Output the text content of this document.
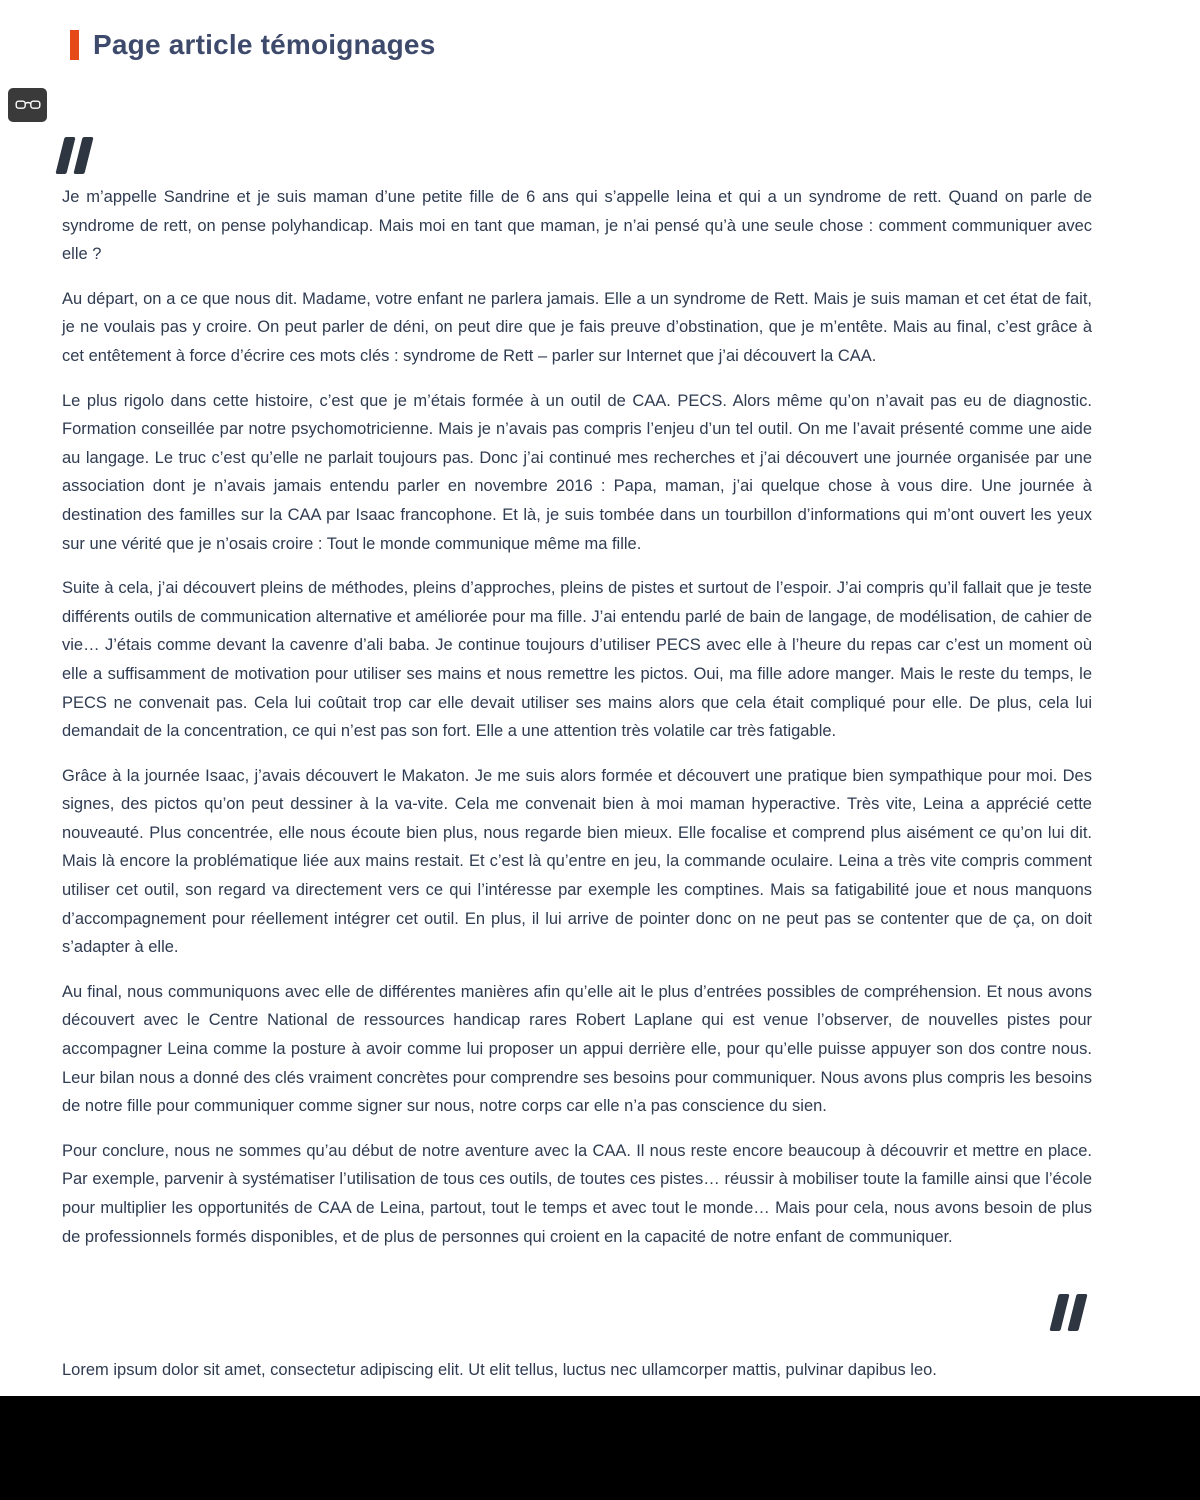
Page article témoignages

Je m’appelle Sandrine et je suis maman d’une petite fille de 6 ans qui s’appelle leina et qui a un syndrome de rett. Quand on parle de syndrome de rett, on pense polyhandicap. Mais moi en tant que maman, je n’ai pensé qu’à une seule chose : comment communiquer avec elle ?

Au départ, on a ce que nous dit. Madame, votre enfant ne parlera jamais. Elle a un syndrome de Rett. Mais je suis maman et cet état de fait, je ne voulais pas y croire. On peut parler de déni, on peut dire que je fais preuve d’obstination, que je m’entête. Mais au final, c’est grâce à cet entêtement à force d’écrire ces mots clés : syndrome de Rett – parler sur Internet que j’ai découvert la CAA.

Le plus rigolo dans cette histoire, c’est que je m’étais formée à un outil de CAA. PECS. Alors même qu’on n’avait pas eu de diagnostic. Formation conseillée par notre psychomotricienne. Mais je n’avais pas compris l’enjeu d’un tel outil. On me l’avait présenté comme une aide au langage. Le truc c’est qu’elle ne parlait toujours pas. Donc j’ai continué mes recherches et j’ai découvert une journée organisée par une association dont je n’avais jamais entendu parler en novembre 2016 : Papa, maman, j’ai quelque chose à vous dire. Une journée à destination des familles sur la CAA par Isaac francophone. Et là, je suis tombée dans un tourbillon d’informations qui m’ont ouvert les yeux sur une vérité que je n’osais croire : Tout le monde communique même ma fille.

Suite à cela, j’ai découvert pleins de méthodes, pleins d’approches, pleins de pistes et surtout de l’espoir. J’ai compris qu’il fallait que je teste différents outils de communication alternative et améliorée pour ma fille. J’ai entendu parlé de bain de langage, de modélisation, de cahier de vie… J’étais comme devant la cavenre d’ali baba. Je continue toujours d’utiliser PECS avec elle à l’heure du repas car c’est un moment où elle a suffisamment de motivation pour utiliser ses mains et nous remettre les pictos. Oui, ma fille adore manger. Mais le reste du temps, le PECS ne convenait pas. Cela lui coûtait trop car elle devait utiliser ses mains alors que cela était compliqué pour elle. De plus, cela lui demandait de la concentration, ce qui n’est pas son fort. Elle a une attention très volatile car très fatigable.

Grâce à la journée Isaac, j’avais découvert le Makaton. Je me suis alors formée et découvert une pratique bien sympathique pour moi. Des signes, des pictos qu’on peut dessiner à la va-vite. Cela me convenait bien à moi maman hyperactive. Très vite, Leina a apprécié cette nouveauté. Plus concentrée, elle nous écoute bien plus, nous regarde bien mieux. Elle focalise et comprend plus aisément ce qu’on lui dit. Mais là encore la problématique liée aux mains restait. Et c’est là qu’entre en jeu, la commande oculaire. Leina a très vite compris comment utiliser cet outil, son regard va directement vers ce qui l’intéresse par exemple les comptines. Mais sa fatigabilité joue et nous manquons d’accompagnement pour réellement intégrer cet outil. En plus, il lui arrive de pointer donc on ne peut pas se contenter que de ça, on doit s’adapter à elle.

Au final, nous communiquons avec elle de différentes manières afin qu’elle ait le plus d’entrées possibles de compréhension. Et nous avons découvert avec le Centre National de ressources handicap rares Robert Laplane qui est venue l’observer, de nouvelles pistes pour accompagner Leina comme la posture à avoir comme lui proposer un appui derrière elle, pour qu’elle puisse appuyer son dos contre nous. Leur bilan nous a donné des clés vraiment concrètes pour comprendre ses besoins pour communiquer. Nous avons plus compris les besoins de notre fille pour communiquer comme signer sur nous, notre corps car elle n’a pas conscience du sien.

Pour conclure, nous ne sommes qu’au début de notre aventure avec la CAA. Il nous reste encore beaucoup à découvrir et mettre en place. Par exemple, parvenir à systématiser l’utilisation de tous ces outils, de toutes ces pistes… réussir à mobiliser toute la famille ainsi que l’école pour multiplier les opportunités de CAA de Leina, partout, tout le temps et avec tout le monde… Mais pour cela, nous avons besoin de plus de professionnels formés disponibles, et de plus de personnes qui croient en la capacité de notre enfant de communiquer.

Lorem ipsum dolor sit amet, consectetur adipiscing elit. Ut elit tellus, luctus nec ullamcorper mattis, pulvinar dapibus leo.
